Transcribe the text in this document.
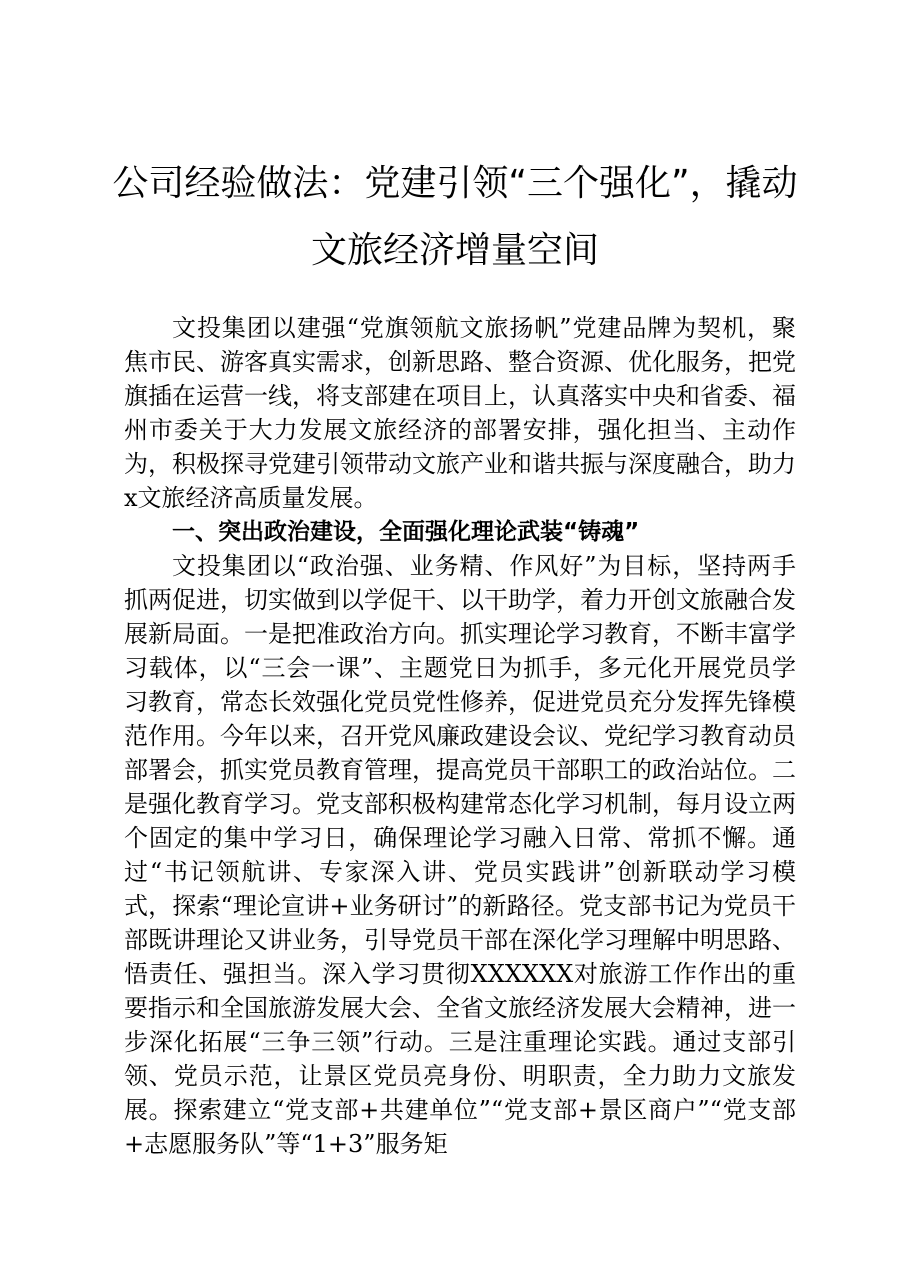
公司经验做法：党建引领“三个强化”，撬动
文旅经济增量空间

文投集团以建强“党旗领航文旅扬帆”党建品牌为契机，聚焦市民、游客真实需求，创新思路、整合资源、优化服务，把党旗插在运营一线，将支部建在项目上，认真落实中央和省委、福州市委关于大力发展文旅经济的部署安排，强化担当、主动作为，积极探寻党建引领带动文旅产业和谐共振与深度融合，助力x文旅经济高质量发展。

一、突出政治建设，全面强化理论武装“铸魂”

文投集团以“政治强、业务精、作风好”为目标，坚持两手抓两促进，切实做到以学促干、以干助学，着力开创文旅融合发展新局面。一是把准政治方向。抓实理论学习教育，不断丰富学习载体，以“三会一课”、主题党日为抓手，多元化开展党员学习教育，常态长效强化党员党性修养，促进党员充分发挥先锋模范作用。今年以来，召开党风廉政建设会议、党纪学习教育动员部署会，抓实党员教育管理，提高党员干部职工的政治站位。二是强化教育学习。党支部积极构建常态化学习机制，每月设立两个固定的集中学习日，确保理论学习融入日常、常抓不懈。通过“书记领航讲、专家深入讲、党员实践讲”创新联动学习模式，探索“理论宣讲+业务研讨”的新路径。党支部书记为党员干部既讲理论又讲业务，引导党员干部在深化学习理解中明思路、悟责任、强担当。深入学习贯彻XXXXXX对旅游工作作出的重要指示和全国旅游发展大会、全省文旅经济发展大会精神，进一步深化拓展“三争三领”行动。三是注重理论实践。通过支部引领、党员示范，让景区党员亮身份、明职责，全力助力文旅发展。探索建立“党支部+共建单位”“党支部+景区商户”“党支部+志愿服务队”等“1+3”服务矩
